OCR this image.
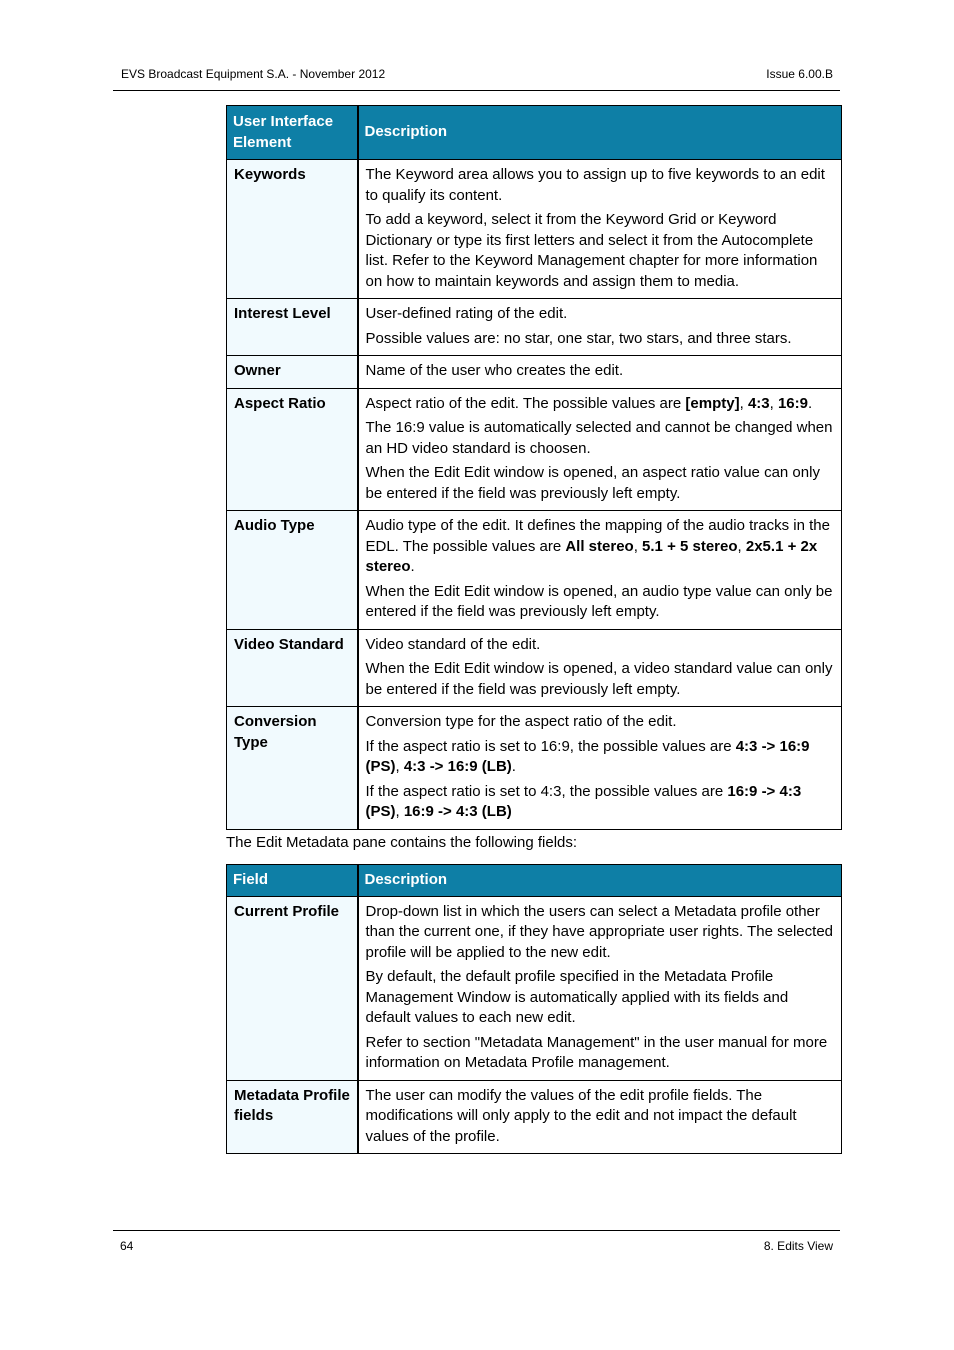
EVS Broadcast Equipment S.A. - November 2012	Issue 6.00.B
User Interface Element	Description
Keywords	The Keyword area allows you to assign up to five keywords to an edit to qualify its content.

To add a keyword, select it from the Keyword Grid or Keyword Dictionary or type its first letters and select it from the Autocomplete list. Refer to the Keyword Management chapter for more information on how to maintain keywords and assign them to media.

Interest Level	User-defined rating of the edit.

Possible values are: no star, one star, two stars, and three stars.

Owner	Name of the user who creates the edit.

Aspect Ratio	Aspect ratio of the edit. The possible values are [empty], 4:3, 16:9.

The 16:9 value is automatically selected and cannot be changed when an HD video standard is choosen.

When the Edit Edit window is opened, an aspect ratio value can only be entered if the field was previously left empty.

Audio Type	Audio type of the edit. It defines the mapping of the audio tracks in the EDL. The possible values are All stereo, 5.1 + 5 stereo, 2x5.1 + 2x stereo.

When the Edit Edit window is opened, an audio type value can only be entered if the field was previously left empty.

Video Standard	Video standard of the edit.

When the Edit Edit window is opened, a video standard value can only be entered if the field was previously left empty.

Conversion Type	Conversion type for the aspect ratio of the edit.

If the aspect ratio is set to 16:9, the possible values are 4:3 -> 16:9 (PS), 4:3 -> 16:9 (LB).

If the aspect ratio is set to 4:3, the possible values are 16:9 -> 4:3 (PS), 16:9 -> 4:3 (LB)

The Edit Metadata pane contains the following fields:
Field	Description
Current Profile	Drop-down list in which the users can select a Metadata profile other than the current one, if they have appropriate user rights. The selected profile will be applied to the new edit.

By default, the default profile specified in the Metadata Profile Management Window is automatically applied with its fields and default values to each new edit.

Refer to section "Metadata Management" in the user manual for more information on Metadata Profile management.

Metadata Profile fields	The user can modify the values of the edit profile fields. The modifications will only apply to the edit and not impact the default values of the profile.

64	8. Edits View
